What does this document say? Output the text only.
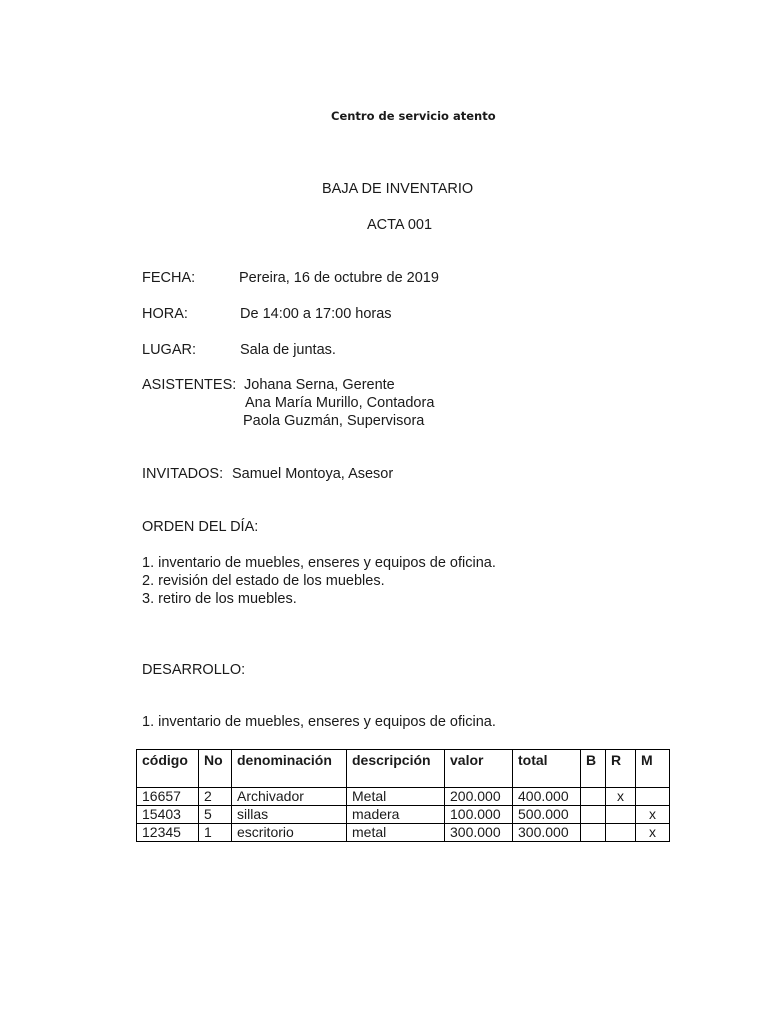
Centro de servicio atento
BAJA DE INVENTARIO
ACTA 001
FECHA:	Pereira, 16 de octubre de 2019
HORA:	De 14:00 a 17:00 horas
LUGAR:	Sala de juntas.
ASISTENTES: Johana Serna, Gerente
Ana María Murillo, Contadora
Paola Guzmán, Supervisora
INVITADOS: Samuel Montoya, Asesor
ORDEN DEL DÍA:
1. inventario de muebles, enseres y equipos de oficina.
2. revisión del estado de los muebles.
3. retiro de los muebles.
DESARROLLO:
1. inventario de muebles, enseres y equipos de oficina.
código	No	denominación	descripción	valor	total	B	R	M
16657	2	Archivador	Metal	200.000	400.000		x	
15403	5	sillas	madera	100.000	500.000			x
12345	1	escritorio	metal	300.000	300.000			x
